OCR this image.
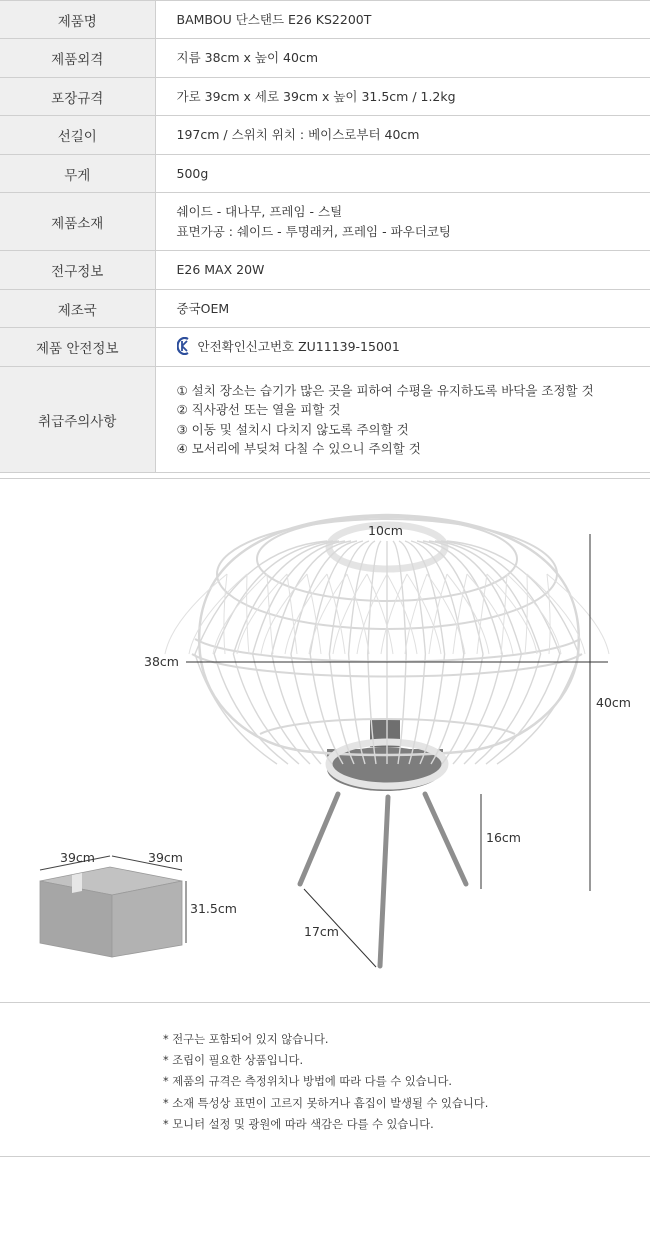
제품명	BAMBOU 단스탠드 E26 KS2200T

제품외격	지름 38cm x 높이 40cm

포장규격	가로 39cm x 세로 39cm x 높이 31.5cm / 1.2kg

선길이	197cm / 스위치 위치 : 베이스로부터 40cm

무게	500g

제품소재	쉐이드 - 대나무, 프레임 - 스틸
표면가공 : 쉐이드 - 투명래커, 프레임 - 파우더코팅

전구정보	E26 MAX 20W

제조국	중국OEM

제품 안전정보	안전확인신고번호 ZU11139-15001

취급주의사항	① 설치 장소는 습기가 많은 곳을 피하여 수평을 유지하도록 바닥을 조정할 것
② 직사광선 또는 열을 피할 것
③ 이동 및 설치시 다치지 않도록 주의할 것
④ 모서리에 부딪쳐 다칠 수 있으니 주의할 것
10cm
38cm
40cm
16cm
17cm
39cm	39cm
31.5cm
* 전구는 포함되어 있지 않습니다.
* 조립이 필요한 상품입니다.
* 제품의 규격은 측정위치나 방법에 따라 다를 수 있습니다.
* 소재 특성상 표면이 고르지 못하거나 흠집이 발생될 수 있습니다.
* 모니터 설정 및 광원에 따라 색감은 다를 수 있습니다.
